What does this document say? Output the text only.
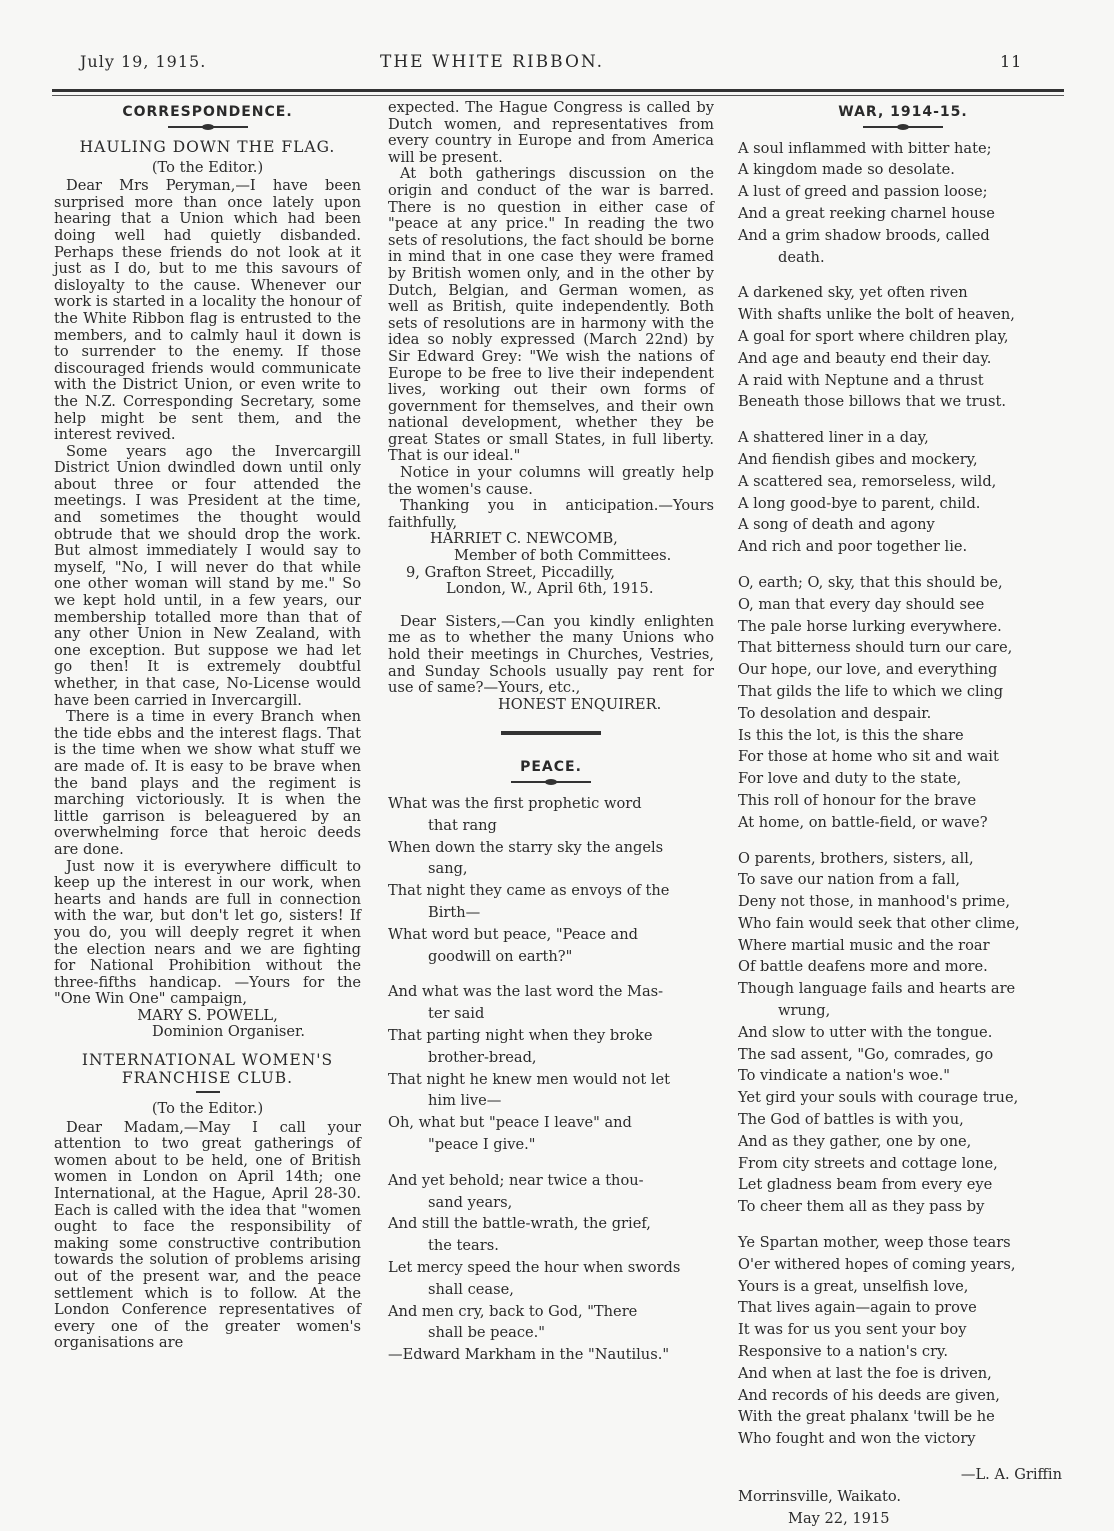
July 19, 1915.	THE WHITE RIBBON.	11
CORRESPONDENCE.
HAULING DOWN THE FLAG.
(To the Editor.)

Dear Mrs Peryman,—I have been surprised more than once lately upon hearing that a Union which had been doing well had quietly disbanded. Perhaps these friends do not look at it just as I do, but to me this savours of disloyalty to the cause. Whenever our work is started in a locality the honour of the White Ribbon flag is entrusted to the members, and to calmly haul it down is to surrender to the enemy. If those discouraged friends would communicate with the District Union, or even write to the N.Z. Corresponding Secretary, some help might be sent them, and the interest revived.

Some years ago the Invercargill District Union dwindled down until only about three or four attended the meetings. I was President at the time, and sometimes the thought would obtrude that we should drop the work. But almost immediately I would say to myself, "No, I will never do that while one other woman will stand by me." So we kept hold until, in a few years, our membership totalled more than that of any other Union in New Zealand, with one exception. But suppose we had let go then! It is extremely doubtful whether, in that case, No-License would have been carried in Invercargill.

There is a time in every Branch when the tide ebbs and the interest flags. That is the time when we show what stuff we are made of. It is easy to be brave when the band plays and the regiment is marching victoriously. It is when the little garrison is beleaguered by an overwhelming force that heroic deeds are done.

Just now it is everywhere difficult to keep up the interest in our work, when hearts and hands are full in connection with the war, but don't let go, sisters! If you do, you will deeply regret it when the election nears and we are fighting for National Prohibition without the three-fifths handicap. —Yours for the "One Win One" campaign,

MARY S. POWELL,
Dominion Organiser.
INTERNATIONAL WOMEN'S
FRANCHISE CLUB.
(To the Editor.)

Dear Madam,—May I call your attention to two great gatherings of women about to be held, one of British women in London on April 14th; one International, at the Hague, April 28-30. Each is called with the idea that "women ought to face the responsibility of making some constructive contribution towards the solution of problems arising out of the present war, and the peace settlement which is to follow. At the London Conference representatives of every one of the greater women's organisations are

expected. The Hague Congress is called by Dutch women, and representatives from every country in Europe and from America will be present.

At both gatherings discussion on the origin and conduct of the war is barred. There is no question in either case of "peace at any price." In reading the two sets of resolutions, the fact should be borne in mind that in one case they were framed by British women only, and in the other by Dutch, Belgian, and German women, as well as British, quite independently. Both sets of resolutions are in harmony with the idea so nobly expressed (March 22nd) by Sir Edward Grey: "We wish the nations of Europe to be free to live their independent lives, working out their own forms of government for themselves, and their own national development, whether they be great States or small States, in full liberty. That is our ideal."

Notice in your columns will greatly help the women's cause.

Thanking you in anticipation.—Yours faithfully,

HARRIET C. NEWCOMB,
Member of both Committees.
9, Grafton Street, Piccadilly,
London, W., April 6th, 1915.

Dear Sisters,—Can you kindly enlighten me as to whether the many Unions who hold their meetings in Churches, Vestries, and Sunday Schools usually pay rent for use of same?—Yours, etc.,

HONEST ENQUIRER.
PEACE.
What was the first prophetic word
that rang
When down the starry sky the angels
sang,
That night they came as envoys of the
Birth—
What word but peace, "Peace and
goodwill on earth?"
And what was the last word the Mas-
ter said
That parting night when they broke
brother-bread,
That night he knew men would not let
him live—
Oh, what but "peace I leave" and
"peace I give."
And yet behold; near twice a thou-
sand years,
And still the battle-wrath, the grief,
the tears.
Let mercy speed the hour when swords
shall cease,
And men cry, back to God, "There
shall be peace."
—Edward Markham in the "Nautilus."
WAR, 1914-15.
A soul inflammed with bitter hate;
A kingdom made so desolate.
A lust of greed and passion loose;
And a great reeking charnel house
And a grim shadow broods, called
death.
A darkened sky, yet often riven
With shafts unlike the bolt of heaven,
A goal for sport where children play,
And age and beauty end their day.
A raid with Neptune and a thrust
Beneath those billows that we trust.
A shattered liner in a day,
And fiendish gibes and mockery,
A scattered sea, remorseless, wild,
A long good-bye to parent, child.
A song of death and agony
And rich and poor together lie.
O, earth; O, sky, that this should be,
O, man that every day should see
The pale horse lurking everywhere.
That bitterness should turn our care,
Our hope, our love, and everything
That gilds the life to which we cling
To desolation and despair.
Is this the lot, is this the share
For those at home who sit and wait
For love and duty to the state,
This roll of honour for the brave
At home, on battle-field, or wave?
O parents, brothers, sisters, all,
To save our nation from a fall,
Deny not those, in manhood's prime,
Who fain would seek that other clime,
Where martial music and the roar
Of battle deafens more and more.
Though language fails and hearts are
wrung,
And slow to utter with the tongue.
The sad assent, "Go, comrades, go
To vindicate a nation's woe."
Yet gird your souls with courage true,
The God of battles is with you,
And as they gather, one by one,
From city streets and cottage lone,
Let gladness beam from every eye
To cheer them all as they pass by
Ye Spartan mother, weep those tears
O'er withered hopes of coming years,
Yours is a great, unselfish love,
That lives again—again to prove
It was for us you sent your boy
Responsive to a nation's cry.
And when at last the foe is driven,
And records of his deeds are given,
With the great phalanx 'twill be he
Who fought and won the victory
—L. A. Griffin
Morrinsville, Waikato.
May 22, 1915
